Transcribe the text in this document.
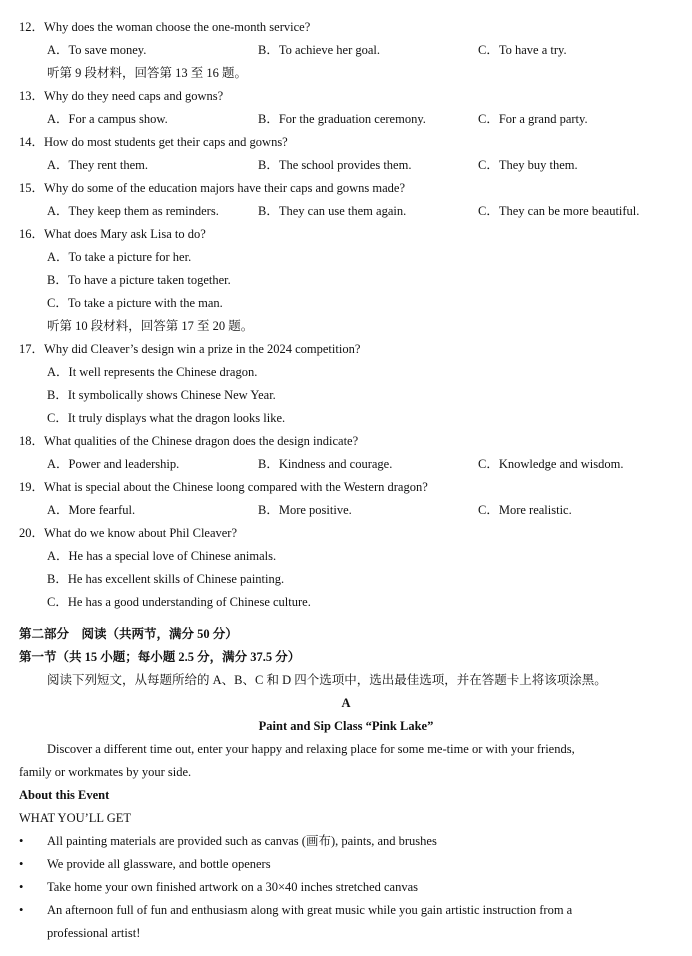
12．Why does the woman choose the one-month service?
A．To save money.	B．To achieve her goal.	C．To have a try.
听第 9 段材料，回答第 13 至 16 题。
13．Why do they need caps and gowns?
A．For a campus show.	B．For the graduation ceremony.	C．For a grand party.
14．How do most students get their caps and gowns?
A．They rent them.	B．The school provides them.	C．They buy them.
15．Why do some of the education majors have their caps and gowns made?
A．They keep them as reminders.	B．They can use them again.	C．They can be more beautiful.
16．What does Mary ask Lisa to do?
A．To take a picture for her.
B．To have a picture taken together.
C．To take a picture with the man.
听第 10 段材料，回答第 17 至 20 题。
17．Why did Cleaver’s design win a prize in the 2024 competition?
A．It well represents the Chinese dragon.
B．It symbolically shows Chinese New Year.
C．It truly displays what the dragon looks like.
18．What qualities of the Chinese dragon does the design indicate?
A．Power and leadership.	B．Kindness and courage.	C．Knowledge and wisdom.
19．What is special about the Chinese loong compared with the Western dragon?
A．More fearful.	B．More positive.	C．More realistic.
20．What do we know about Phil Cleaver?
A．He has a special love of Chinese animals.
B．He has excellent skills of Chinese painting.
C．He has a good understanding of Chinese culture.
第二部分　阅读（共两节，满分 50 分）
第一节（共 15 小题；每小题 2.5 分，满分 37.5 分）
阅读下列短文，从每题所给的 A、B、C 和 D 四个选项中，选出最佳选项，并在答题卡上将该项涂黑。
A
Paint and Sip Class “Pink Lake”
Discover a different time out, enter your happy and relaxing place for some me-time or with your friends,
family or workmates by your side.
About this Event
WHAT YOU’LL GET
• All painting materials are provided such as canvas (画布), paints, and brushes
• We provide all glassware, and bottle openers
• Take home your own finished artwork on a 30×40 inches stretched canvas
• An afternoon full of fun and enthusiasm along with great music while you gain artistic instruction from a
professional artist!
